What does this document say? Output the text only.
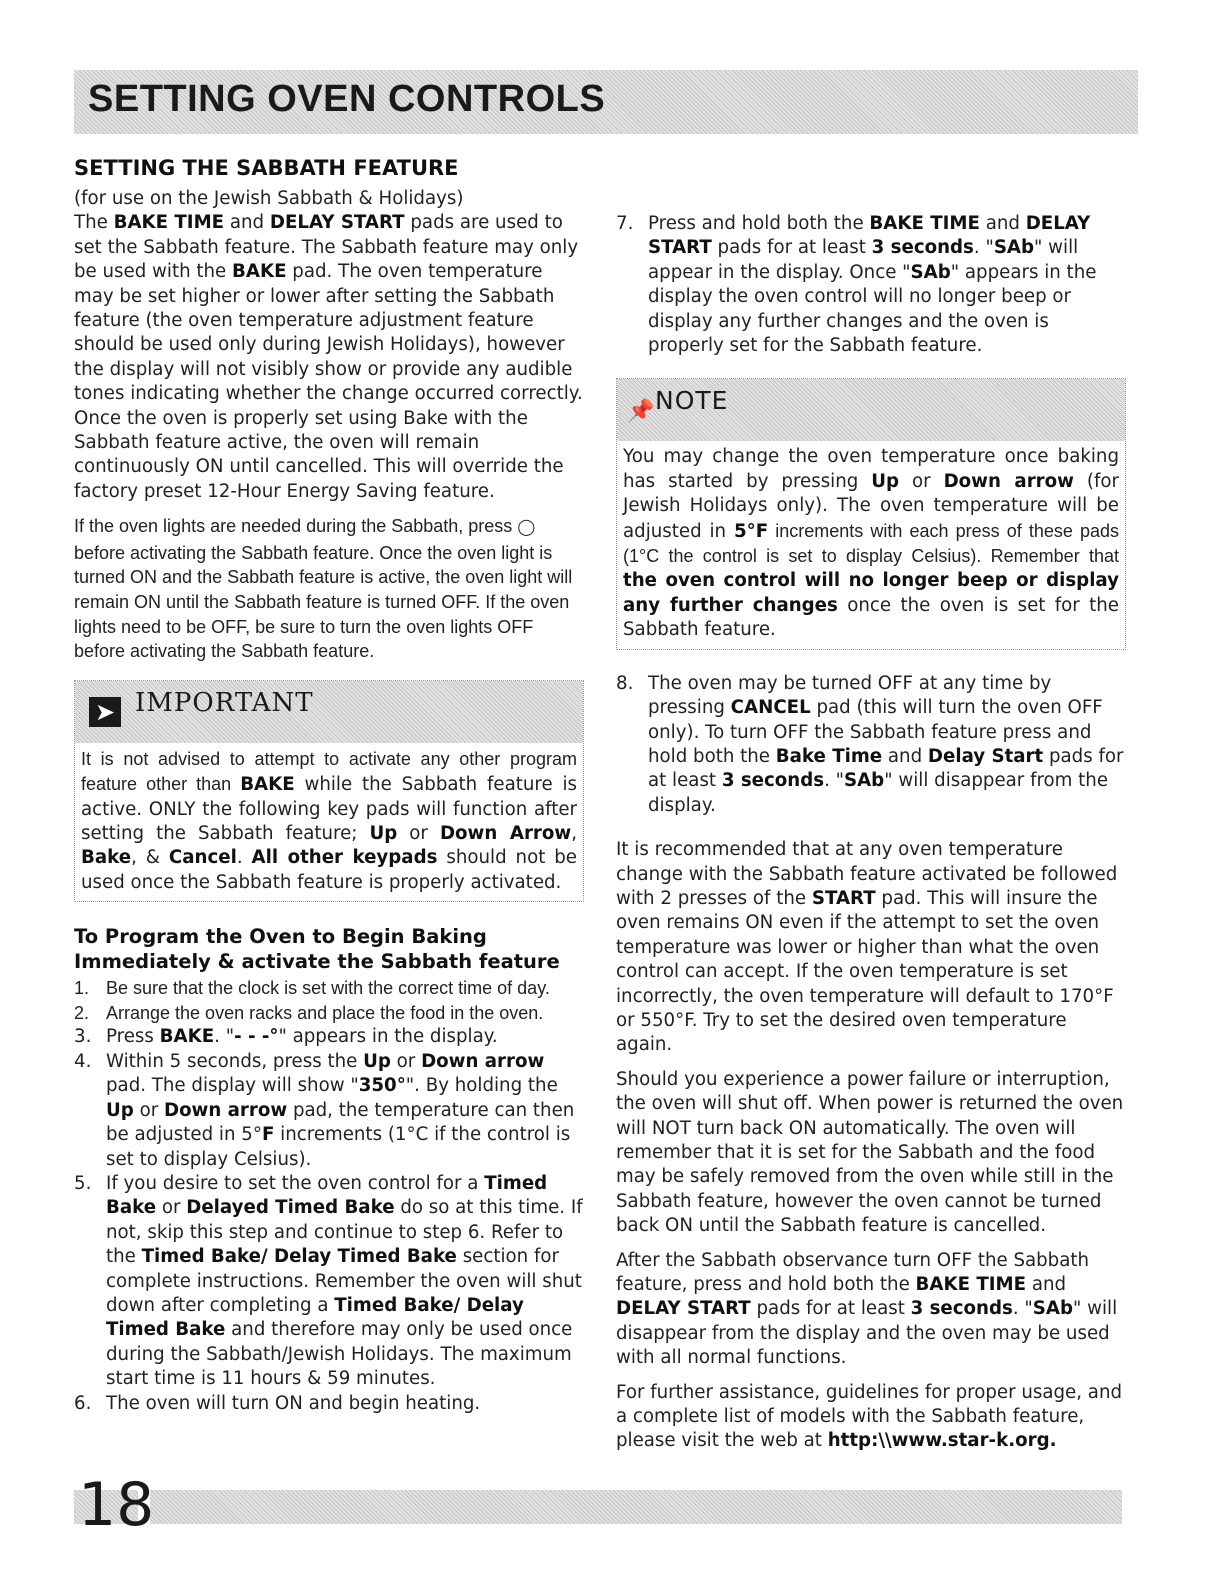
SETTING OVEN CONTROLS
SETTING THE SABBATH FEATURE

(for use on the Jewish Sabbath & Holidays)

The BAKE TIME and DELAY START pads are used to set the Sabbath feature. The Sabbath feature may only be used with the BAKE pad. The oven temperature may be set higher or lower after setting the Sabbath feature (the oven temperature adjustment feature should be used only during Jewish Holidays), however the display will not visibly show or provide any audible tones indicating whether the change occurred correctly. Once the oven is properly set using Bake with the Sabbath feature active, the oven will remain continuously ON until cancelled. This will override the factory preset 12-Hour Energy Saving feature.

If the oven lights are needed during the Sabbath, press ◯ before activating the Sabbath feature. Once the oven light is turned ON and the Sabbath feature is active, the oven light will remain ON until the Sabbath feature is turned OFF. If the oven lights need to be OFF, be sure to turn the oven lights OFF before activating the Sabbath feature.

➤ IMPORTANT
It is not advised to attempt to activate any other program feature other than BAKE while the Sabbath feature is active. ONLY the following key pads will function after setting the Sabbath feature; Up or Down Arrow, Bake, & Cancel. All other keypads should not be used once the Sabbath feature is properly activated.
To Program the Oven to Begin Baking Immediately & activate the Sabbath feature
1. Be sure that the clock is set with the correct time of day.
2. Arrange the oven racks and place the food in the oven.
3. Press BAKE. "- - -°" appears in the display.
4. Within 5 seconds, press the Up or Down arrow pad. The display will show "350°". By holding the Up or Down arrow pad, the temperature can then be adjusted in 5°F increments (1°C if the control is set to display Celsius).
5. If you desire to set the oven control for a Timed Bake or Delayed Timed Bake do so at this time. If not, skip this step and continue to step 6. Refer to the Timed Bake/ Delay Timed Bake section for complete instructions. Remember the oven will shut down after completing a Timed Bake/ Delay Timed Bake and therefore may only be used once during the Sabbath/Jewish Holidays. The maximum start time is 11 hours & 59 minutes.
6. The oven will turn ON and begin heating.
7. Press and hold both the BAKE TIME and DELAY START pads for at least 3 seconds. "SAb" will appear in the display. Once "SAb" appears in the display the oven control will no longer beep or display any further changes and the oven is properly set for the Sabbath feature.
📌 NOTE
You may change the oven temperature once baking has started by pressing Up or Down arrow (for Jewish Holidays only). The oven temperature will be adjusted in 5°F increments with each press of these pads (1°C the control is set to display Celsius). Remember that the oven control will no longer beep or display any further changes once the oven is set for the Sabbath feature.
8. The oven may be turned OFF at any time by pressing CANCEL pad (this will turn the oven OFF only). To turn OFF the Sabbath feature press and hold both the Bake Time and Delay Start pads for at least 3 seconds. "SAb" will disappear from the display.

It is recommended that at any oven temperature change with the Sabbath feature activated be followed with 2 presses of the START pad. This will insure the oven remains ON even if the attempt to set the oven temperature was lower or higher than what the oven control can accept. If the oven temperature is set incorrectly, the oven temperature will default to 170°F or 550°F. Try to set the desired oven temperature again.

Should you experience a power failure or interruption, the oven will shut off. When power is returned the oven will NOT turn back ON automatically. The oven will remember that it is set for the Sabbath and the food may be safely removed from the oven while still in the Sabbath feature, however the oven cannot be turned back ON until the Sabbath feature is cancelled.

After the Sabbath observance turn OFF the Sabbath feature, press and hold both the BAKE TIME and DELAY START pads for at least 3 seconds. "SAb" will disappear from the display and the oven may be used with all normal functions.

For further assistance, guidelines for proper usage, and a complete list of models with the Sabbath feature, please visit the web at http:\\www.star-k.org.

18
